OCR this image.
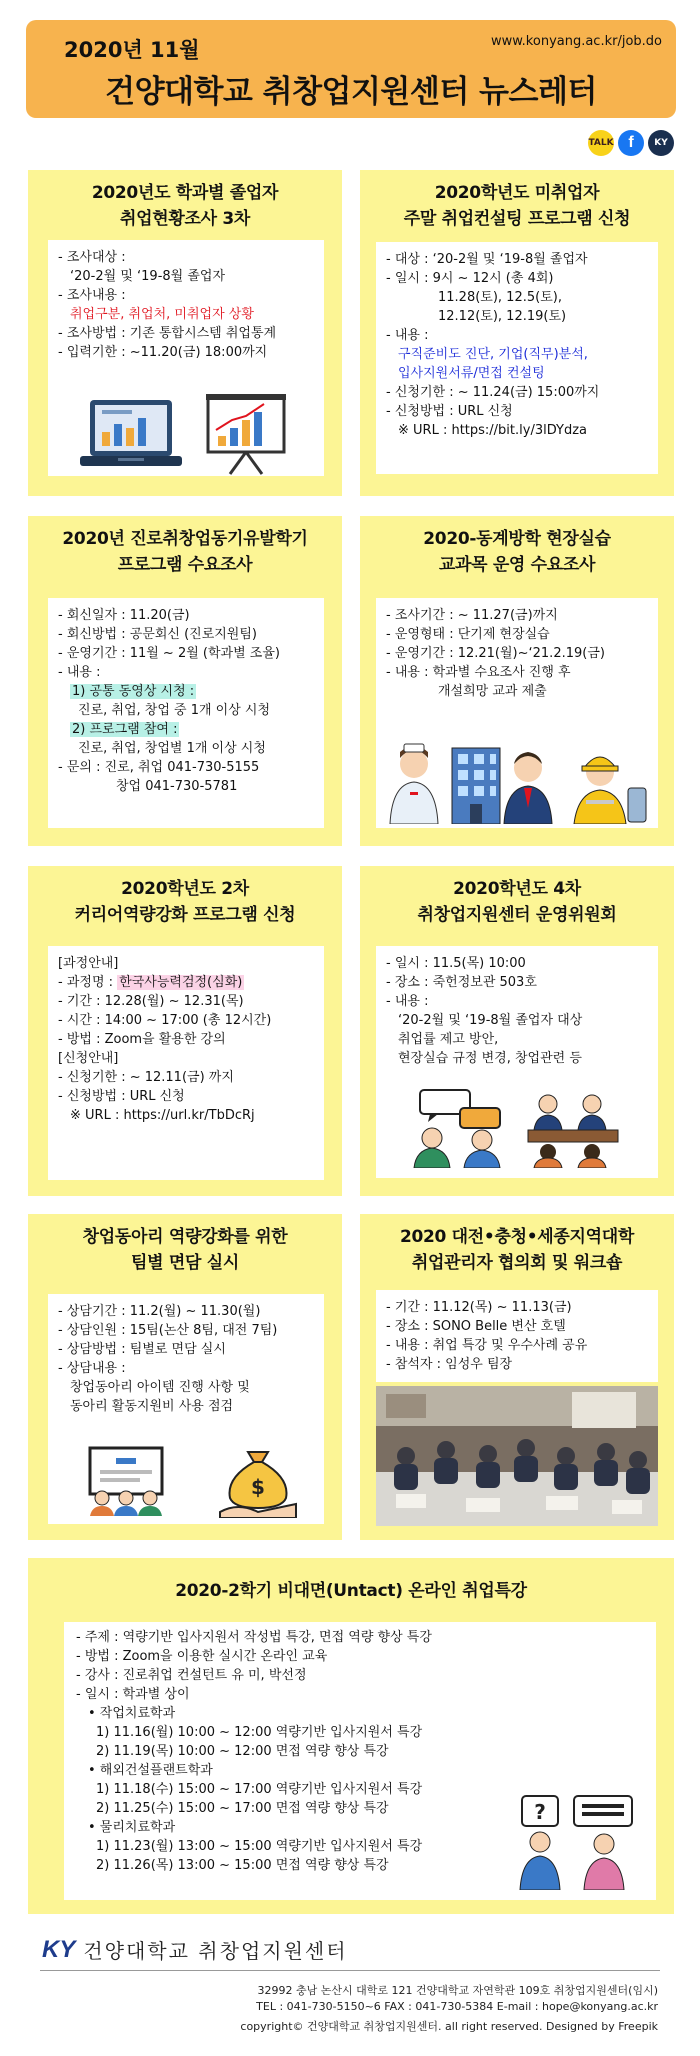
2020년 11월	www.konyang.ac.kr/job.do
건양대학교 취창업지원센터 뉴스레터
TALK f	KY
2020년도 학과별 졸업자
취업현황조사 3차

- 조사대상 :

‘20-2월 및 ‘19-8월 졸업자

- 조사내용 :

취업구분, 취업처, 미취업자 상황

- 조사방법 : 기존 통합시스템 취업통계

- 입력기한 : ~11.20(금) 18:00까지

2020학년도 미취업자
주말 취업컨설팅 프로그램 신청

- 대상 : ‘20-2월 및 ‘19-8월 졸업자

- 일시 : 9시 ~ 12시 (총 4회)

11.28(토), 12.5(토),

12.12(토), 12.19(토)

- 내용 :

구직준비도 진단, 기업(직무)분석,

입사지원서류/면접 컨설팅

- 신청기한 : ~ 11.24(금) 15:00까지

- 신청방법 : URL 신청

※ URL : https://bit.ly/3lDYdza

2020년 진로취창업동기유발학기
프로그램 수요조사

- 회신일자 : 11.20(금)

- 회신방법 : 공문회신 (진로지원팀)

- 운영기간 : 11월 ~ 2월 (학과별 조율)

- 내용 :

1) 공통 동영상 시청 :

진로, 취업, 창업 중 1개 이상 시청

2) 프로그램 참여 :

진로, 취업, 창업별 1개 이상 시청

- 문의 : 진로, 취업 041-730-5155

창업 041-730-5781

2020-동계방학 현장실습
교과목 운영 수요조사

- 조사기간 : ~ 11.27(금)까지

- 운영형태 : 단기제 현장실습

- 운영기간 : 12.21(월)~‘21.2.19(금)

- 내용 : 학과별 수요조사 진행 후

개설희망 교과 제출

2020학년도 2차
커리어역량강화 프로그램 신청

[과정안내]

- 과정명 : 한국사능력검정(심화)

- 기간 : 12.28(월) ~ 12.31(목)

- 시간 : 14:00 ~ 17:00 (총 12시간)

- 방법 : Zoom을 활용한 강의

[신청안내]

- 신청기한 : ~ 12.11(금) 까지

- 신청방법 : URL 신청

※ URL : https://url.kr/TbDcRj

2020학년도 4차
취창업지원센터 운영위원회

- 일시 : 11.5(목) 10:00

- 장소 : 죽헌정보관 503호

- 내용 :

‘20-2월 및 ‘19-8월 졸업자 대상

취업률 제고 방안,

현장실습 규정 변경, 창업관련 등

창업동아리 역량강화를 위한
팀별 면담 실시

- 상담기간 : 11.2(월) ~ 11.30(월)

- 상담인원 : 15팀(논산 8팀, 대전 7팀)

- 상담방법 : 팀별로 면담 실시

- 상담내용 :

창업동아리 아이템 진행 사항 및

동아리 활동지원비 사용 점검

$
2020 대전•충청•세종지역대학
취업관리자 협의회 및 워크숍

- 기간 : 11.12(목) ~ 11.13(금)

- 장소 : SONO Belle 변산 호텔

- 내용 : 취업 특강 및 우수사례 공유

- 참석자 : 임성우 팀장

2020-2학기 비대면(Untact) 온라인 취업특강

- 주제 : 역량기반 입사지원서 작성법 특강, 면접 역량 향상 특강

- 방법 : Zoom을 이용한 실시간 온라인 교육

- 강사 : 진로취업 컨설턴트 유 미, 박선정

- 일시 : 학과별 상이

• 작업치료학과

1) 11.16(월) 10:00 ~ 12:00 역량기반 입사지원서 특강

2) 11.19(목) 10:00 ~ 12:00 면접 역량 향상 특강

• 해외건설플랜트학과

1) 11.18(수) 15:00 ~ 17:00 역량기반 입사지원서 특강

2) 11.25(수) 15:00 ~ 17:00 면접 역량 향상 특강

• 물리치료학과

1) 11.23(월) 13:00 ~ 15:00 역량기반 입사지원서 특강

2) 11.26(목) 13:00 ~ 15:00 면접 역량 향상 특강

?
KY 건양대학교 취창업지원센터
32992 충남 논산시 대학로 121 건양대학교 자연학관 109호 취창업지원센터(임시)
TEL : 041-730-5150~6 FAX : 041-730-5384 E-mail : hope@konyang.ac.kr
copyright© 건양대학교 취창업지원센터. all right reserved. Designed by Freepik
